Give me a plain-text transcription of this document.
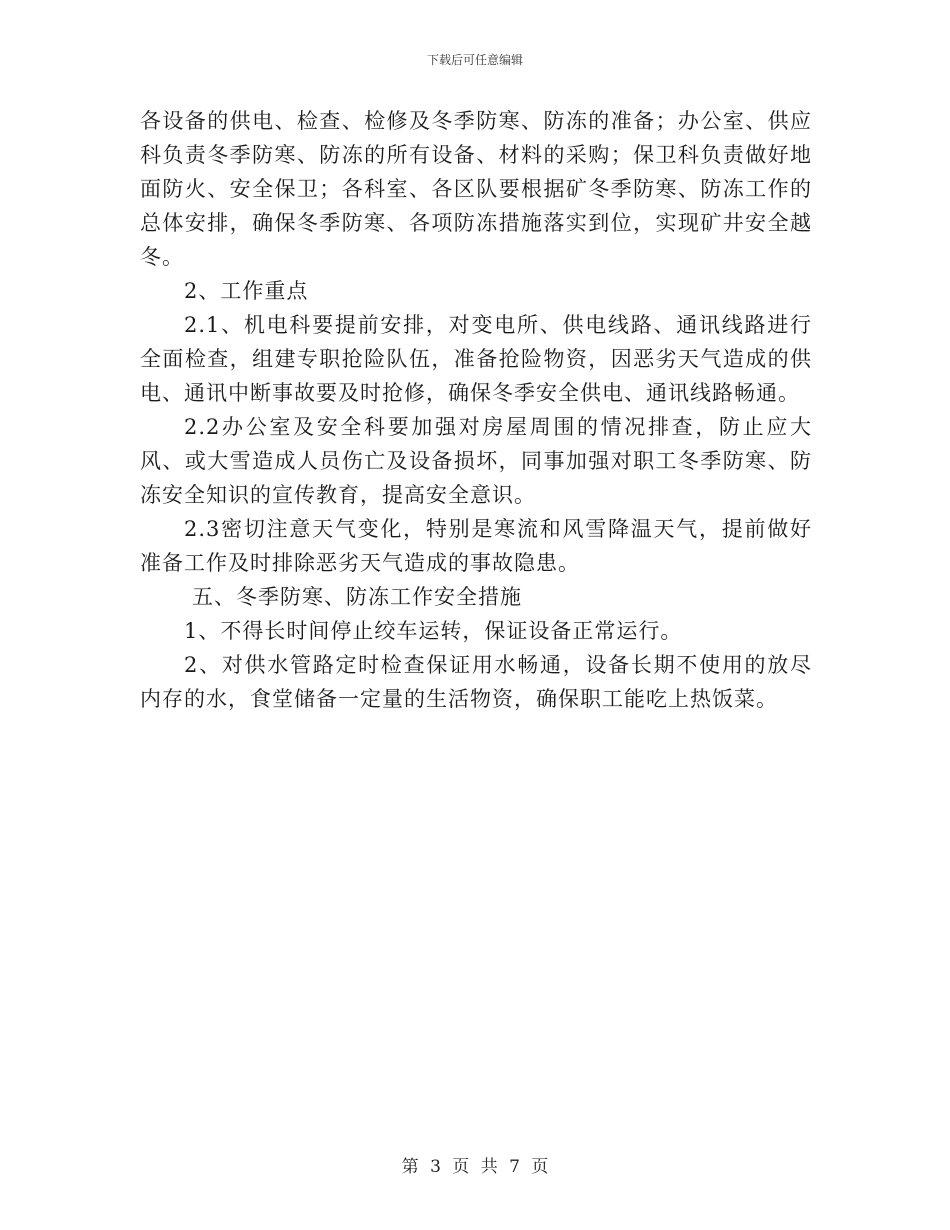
下载后可任意编辑

各设备的供电、检查、检修及冬季防寒、防冻的准备；办公室、供应科负责冬季防寒、防冻的所有设备、材料的采购；保卫科负责做好地面防火、安全保卫；各科室、各区队要根据矿冬季防寒、防冻工作的总体安排，确保冬季防寒、各项防冻措施落实到位，实现矿井安全越冬。

2、工作重点

2.1、机电科要提前安排，对变电所、供电线路、通讯线路进行全面检查，组建专职抢险队伍，准备抢险物资，因恶劣天气造成的供电、通讯中断事故要及时抢修，确保冬季安全供电、通讯线路畅通。

2.2办公室及安全科要加强对房屋周围的情况排查，防止应大风、或大雪造成人员伤亡及设备损坏，同事加强对职工冬季防寒、防冻安全知识的宣传教育，提高安全意识。

2.3密切注意天气变化，特别是寒流和风雪降温天气，提前做好准备工作及时排除恶劣天气造成的事故隐患。

五、冬季防寒、防冻工作安全措施

1、不得长时间停止绞车运转，保证设备正常运行。

2、对供水管路定时检查保证用水畅通，设备长期不使用的放尽内存的水，食堂储备一定量的生活物资，确保职工能吃上热饭菜。

第 3 页 共 7 页
